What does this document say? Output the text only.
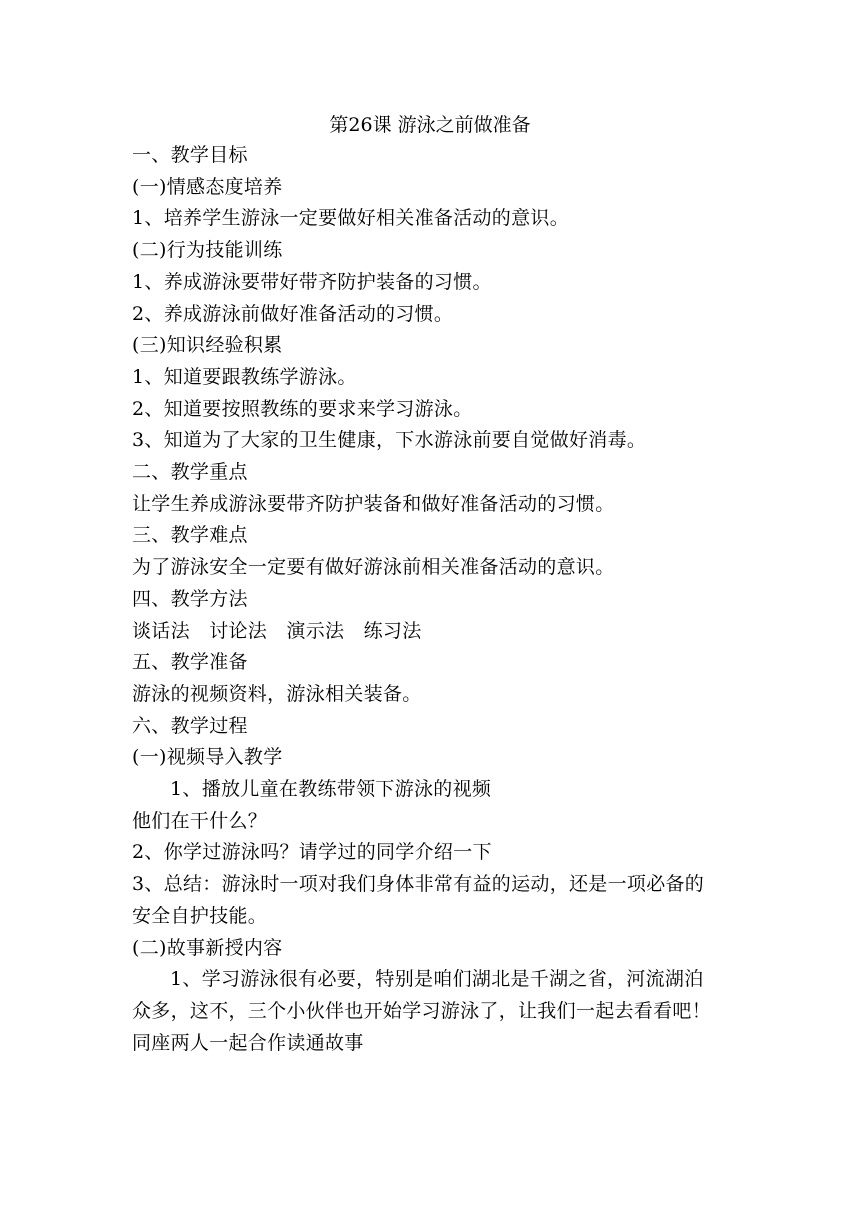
第26课 游泳之前做准备
一、教学目标
(一)情感态度培养
1、培养学生游泳一定要做好相关准备活动的意识。
(二)行为技能训练
1、养成游泳要带好带齐防护装备的习惯。
2、养成游泳前做好准备活动的习惯。
(三)知识经验积累
1、知道要跟教练学游泳。
2、知道要按照教练的要求来学习游泳。
3、知道为了大家的卫生健康，下水游泳前要自觉做好消毒。
二、教学重点
让学生养成游泳要带齐防护装备和做好准备活动的习惯。
三、教学难点
为了游泳安全一定要有做好游泳前相关准备活动的意识。
四、教学方法
谈话法　讨论法　演示法　练习法
五、教学准备
游泳的视频资料，游泳相关装备。
六、教学过程
(一)视频导入教学
1、播放儿童在教练带领下游泳的视频
他们在干什么？
2、你学过游泳吗？请学过的同学介绍一下
3、总结：游泳时一项对我们身体非常有益的运动，还是一项必备的
安全自护技能。
(二)故事新授内容
1、学习游泳很有必要，特别是咱们湖北是千湖之省，河流湖泊
众多，这不，三个小伙伴也开始学习游泳了，让我们一起去看看吧！
同座两人一起合作读通故事
